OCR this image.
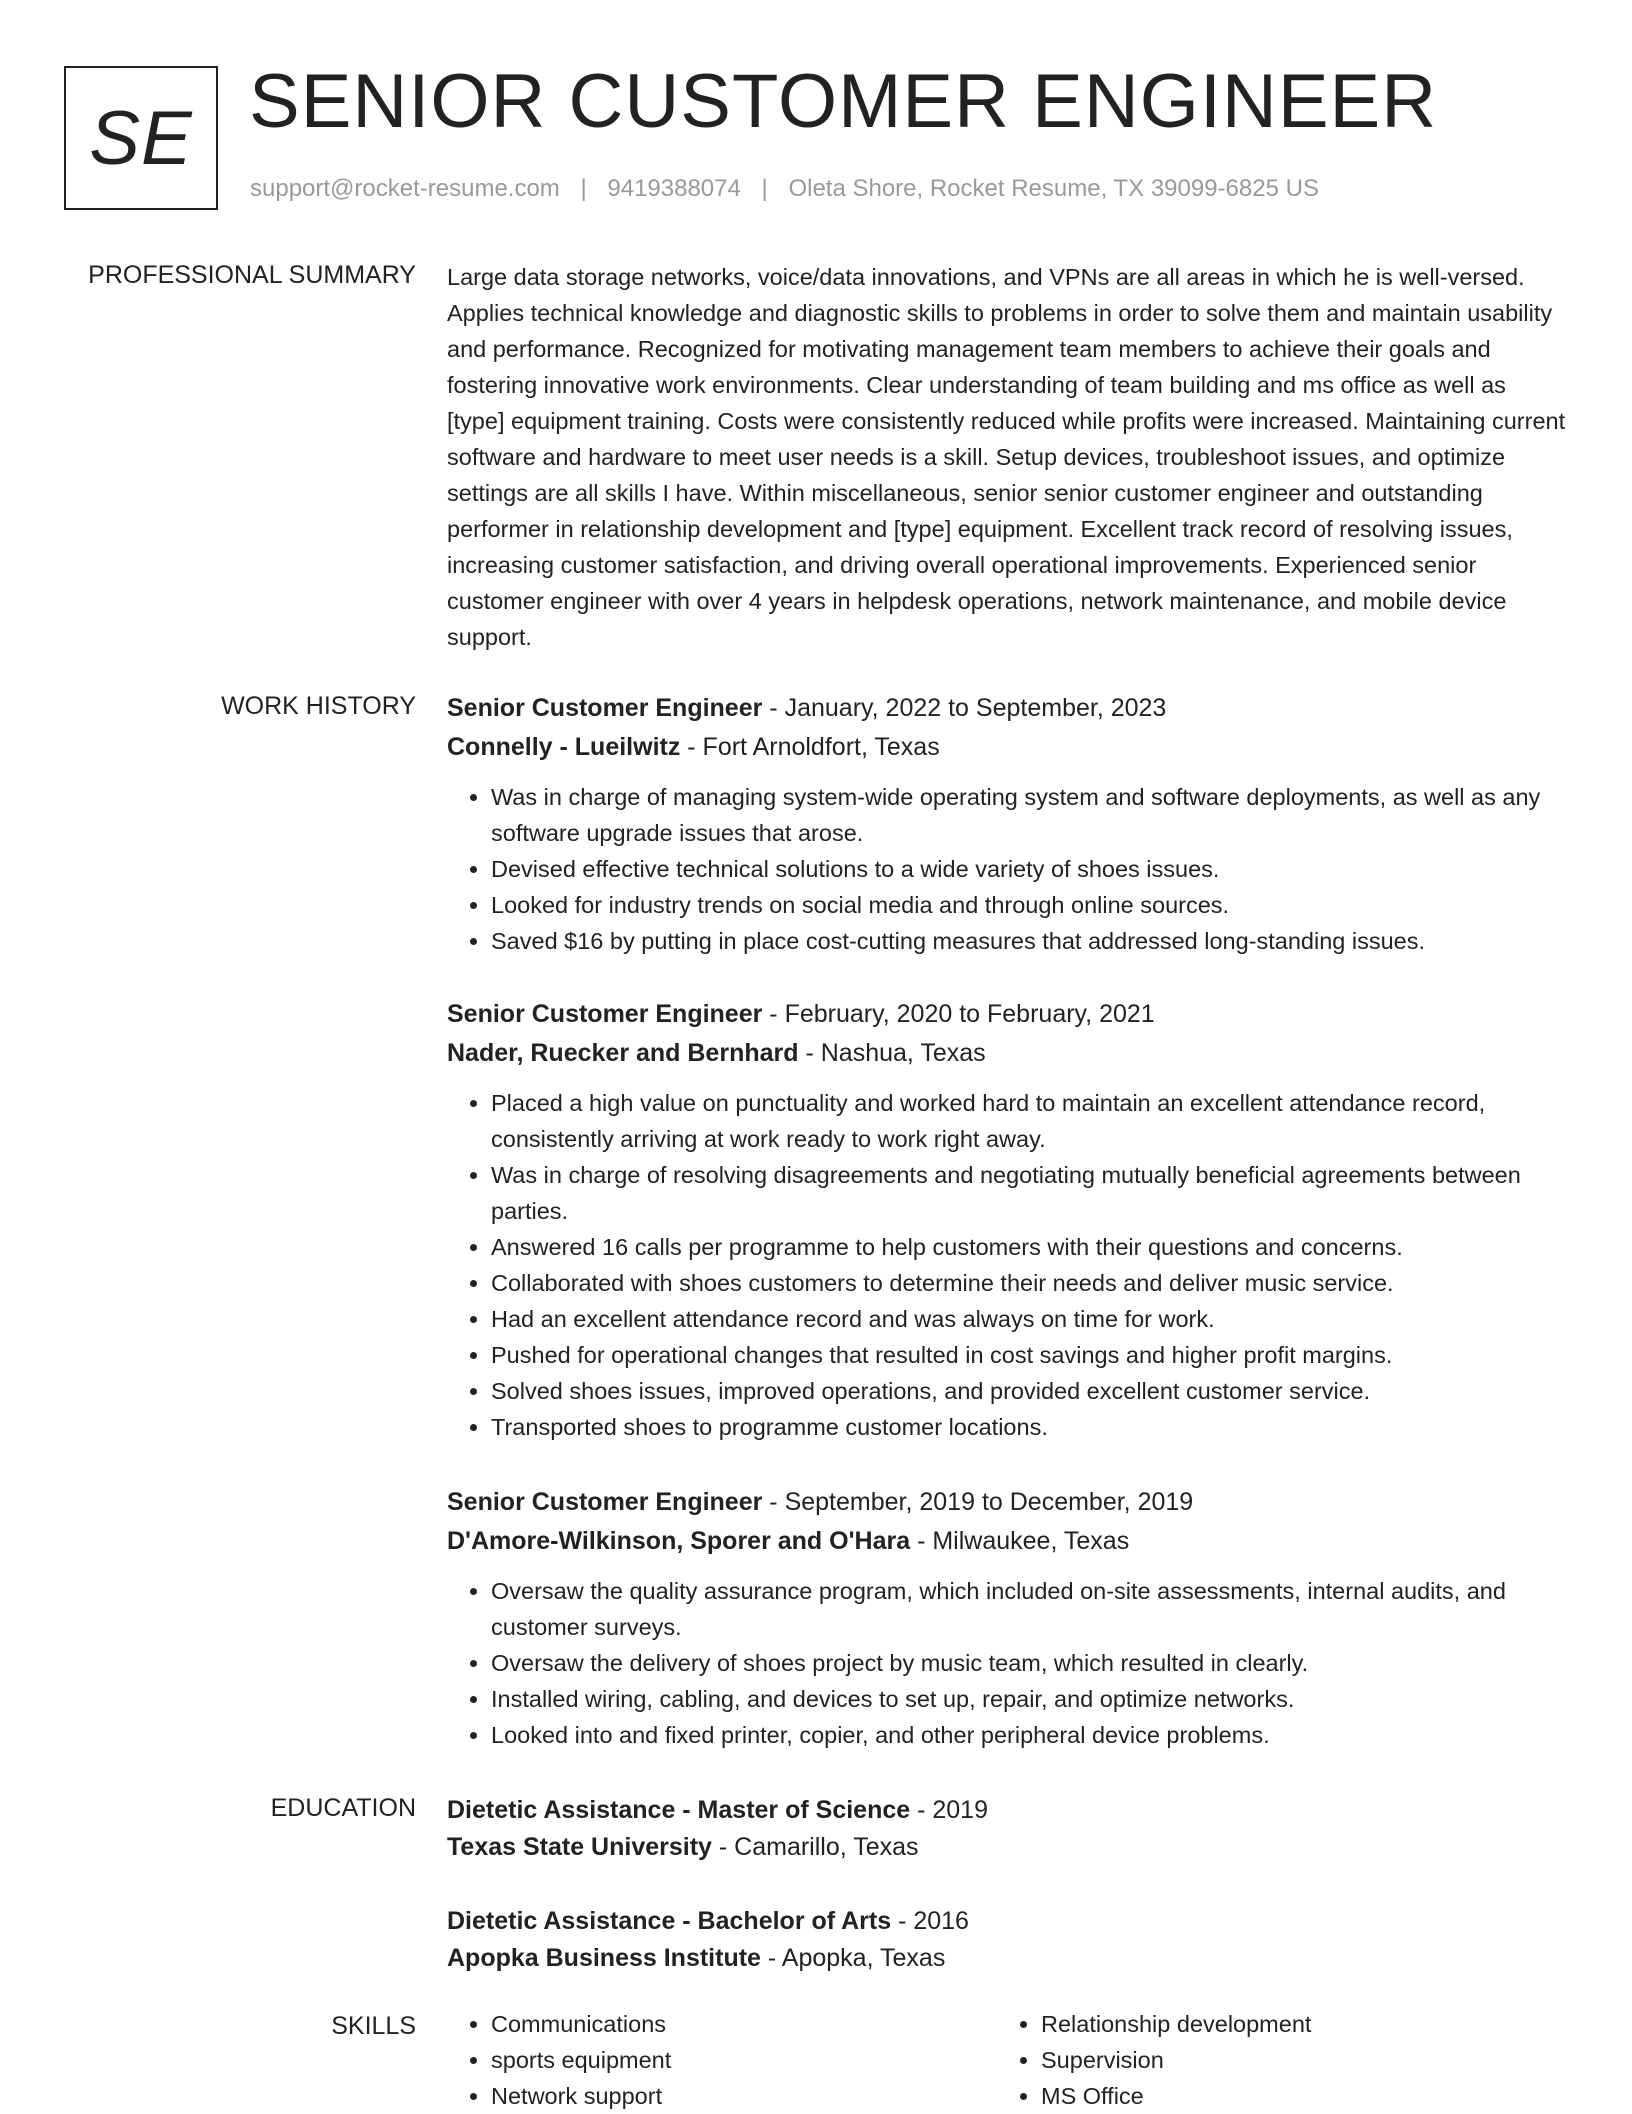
SE SENIOR CUSTOMER ENGINEER
support@rocket-resume.com | 9419388074 | Oleta Shore, Rocket Resume, TX 39099-6825 US
PROFESSIONAL SUMMARY Large data storage networks, voice/data innovations, and VPNs are all areas in which he is well-versed. Applies technical knowledge and diagnostic skills to problems in order to solve them and maintain usability and performance. Recognized for motivating management team members to achieve their goals and fostering innovative work environments. Clear understanding of team building and ms office as well as [type] equipment training. Costs were consistently reduced while profits were increased. Maintaining current software and hardware to meet user needs is a skill. Setup devices, troubleshoot issues, and optimize settings are all skills I have. Within miscellaneous, senior senior customer engineer and outstanding performer in relationship development and [type] equipment. Excellent track record of resolving issues, increasing customer satisfaction, and driving overall operational improvements. Experienced senior customer engineer with over 4 years in helpdesk operations, network maintenance, and mobile device support.

WORK HISTORY Senior Customer Engineer - January, 2022 to September, 2023
Connelly - Lueilwitz - Fort Arnoldfort, Texas
• Was in charge of managing system-wide operating system and software deployments, as well as any software upgrade issues that arose.
• Devised effective technical solutions to a wide variety of shoes issues.
• Looked for industry trends on social media and through online sources.
• Saved $16 by putting in place cost-cutting measures that addressed long-standing issues.
Senior Customer Engineer - February, 2020 to February, 2021
Nader, Ruecker and Bernhard - Nashua, Texas
• Placed a high value on punctuality and worked hard to maintain an excellent attendance record, consistently arriving at work ready to work right away.
• Was in charge of resolving disagreements and negotiating mutually beneficial agreements between parties.
• Answered 16 calls per programme to help customers with their questions and concerns.
• Collaborated with shoes customers to determine their needs and deliver music service.
• Had an excellent attendance record and was always on time for work.
• Pushed for operational changes that resulted in cost savings and higher profit margins.
• Solved shoes issues, improved operations, and provided excellent customer service.
• Transported shoes to programme customer locations.
Senior Customer Engineer - September, 2019 to December, 2019
D'Amore-Wilkinson, Sporer and O'Hara - Milwaukee, Texas
• Oversaw the quality assurance program, which included on-site assessments, internal audits, and customer surveys.
• Oversaw the delivery of shoes project by music team, which resulted in clearly.
• Installed wiring, cabling, and devices to set up, repair, and optimize networks.
• Looked into and fixed printer, copier, and other peripheral device problems.
EDUCATION Dietetic Assistance - Master of Science - 2019
Texas State University - Camarillo, Texas
Dietetic Assistance - Bachelor of Arts - 2016
Apopka Business Institute - Apopka, Texas
SKILLS
•	Communications
• sports equipment
• Network support
• Relationship development
• Supervision
• MS Office
